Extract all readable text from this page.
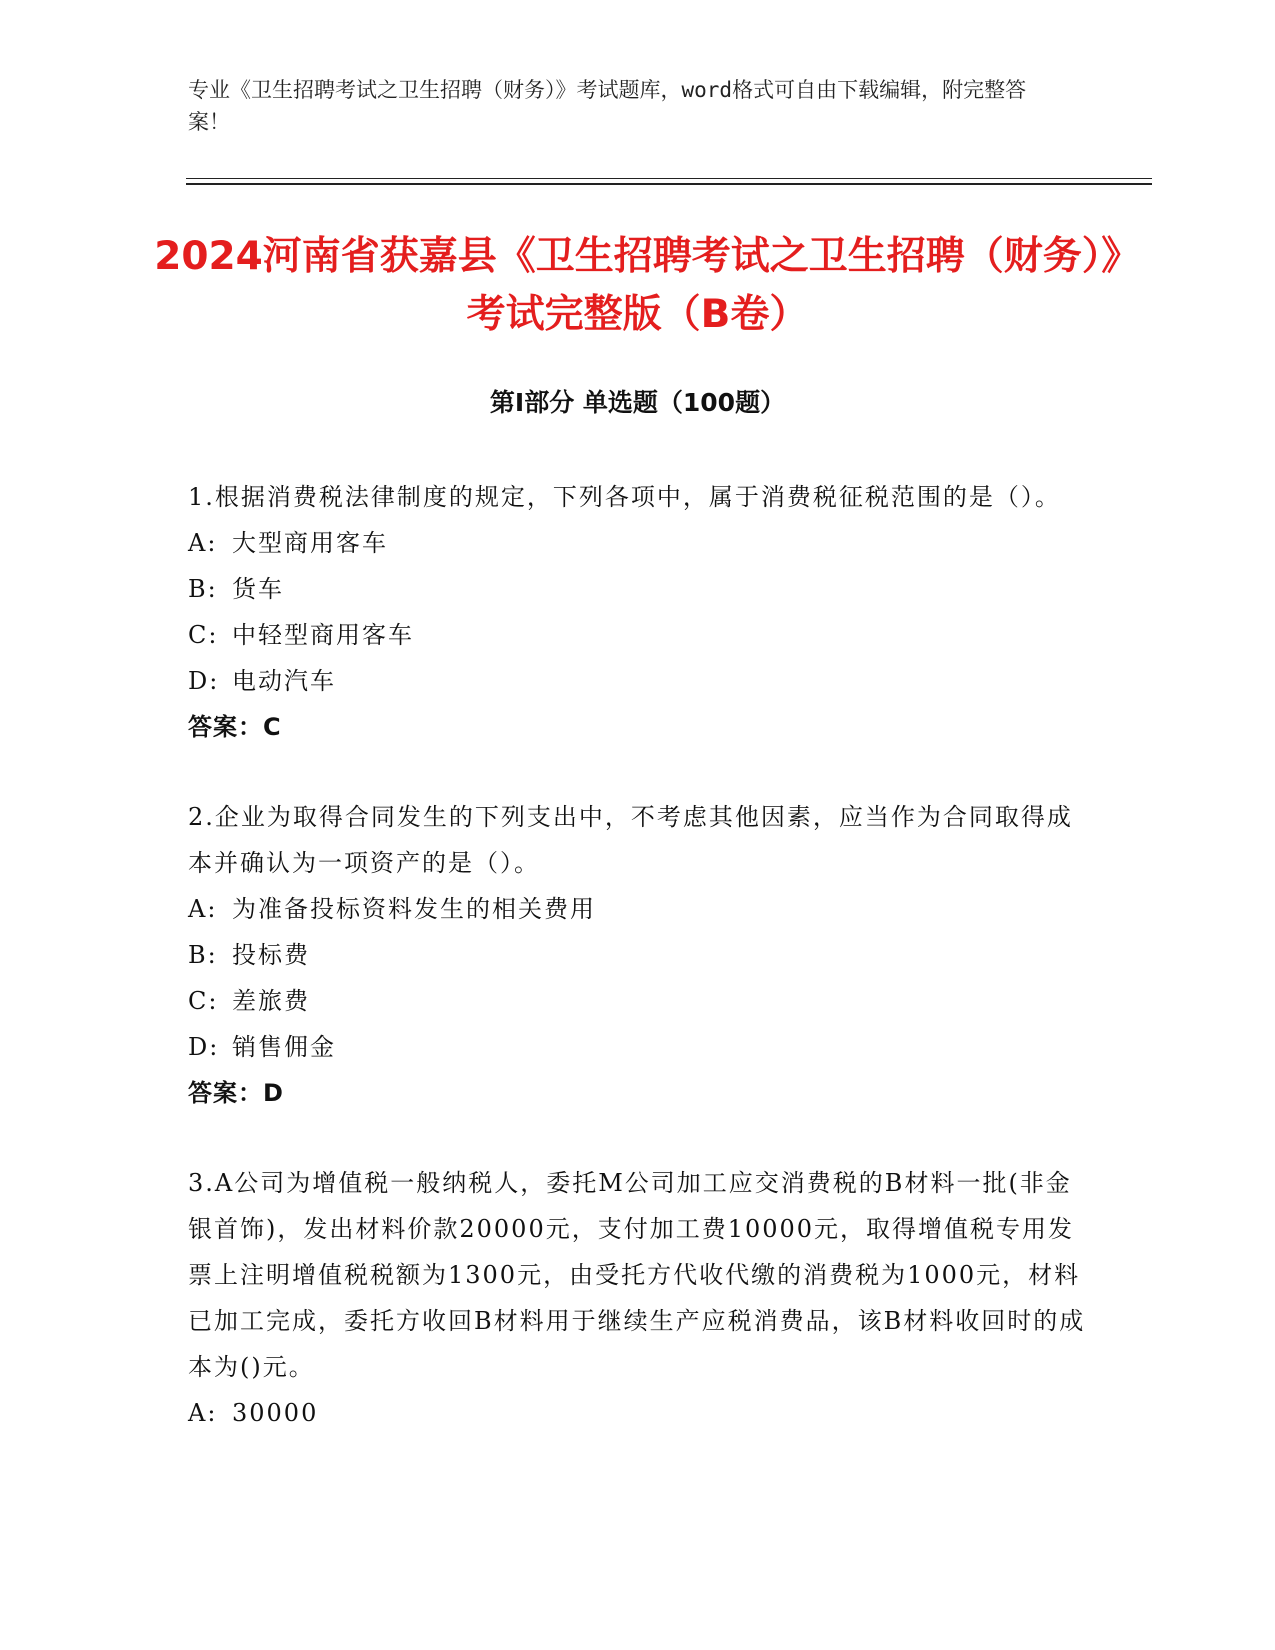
专业《卫生招聘考试之卫生招聘（财务）》考试题库，word格式可自由下载编辑，附完整答案！
2024河南省获嘉县《卫生招聘考试之卫生招聘（财务）》考试完整版（B卷）
第Ⅰ部分 单选题（100题）
1.根据消费税法律制度的规定，下列各项中，属于消费税征税范围的是（）。
A: 大型商用客车
B: 货车
C: 中轻型商用客车
D: 电动汽车
答案：C
2.企业为取得合同发生的下列支出中，不考虑其他因素，应当作为合同取得成本并确认为一项资产的是（）。
A: 为准备投标资料发生的相关费用
B: 投标费
C: 差旅费
D: 销售佣金
答案：D
3.A公司为增值税一般纳税人，委托M公司加工应交消费税的B材料一批(非金银首饰)，发出材料价款20000元，支付加工费10000元，取得增值税专用发票上注明增值税税额为1300元，由受托方代收代缴的消费税为1000元，材料已加工完成，委托方收回B材料用于继续生产应税消费品，该B材料收回时的成本为()元。
A: 30000
